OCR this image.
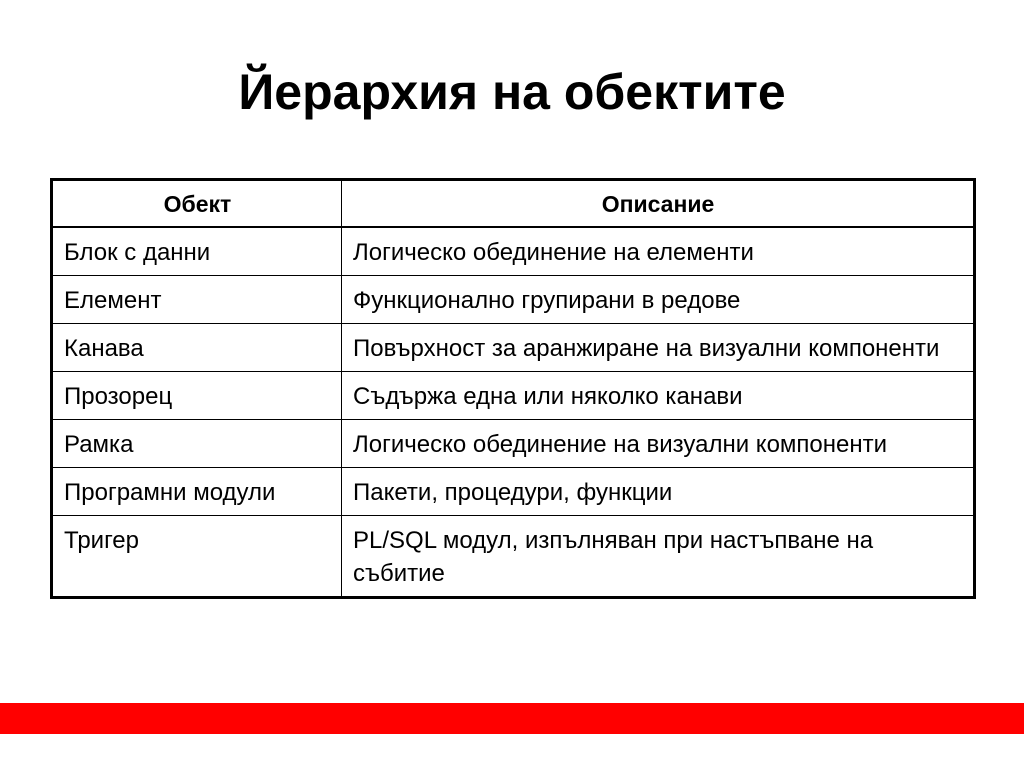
Йерархия на обектите
Обект	Описание
Блок с данни	Логическо обединение на елементи
Елемент	Функционално групирани в редове
Канава	Повърхност за аранжиране на визуални компоненти
Прозорец	Съдържа една или няколко канави
Рамка	Логическо обединение на визуални компоненти
Програмни модули	Пакети, процедури, функции
Тригер	PL/SQL модул, изпълняван при настъпване на събитие
